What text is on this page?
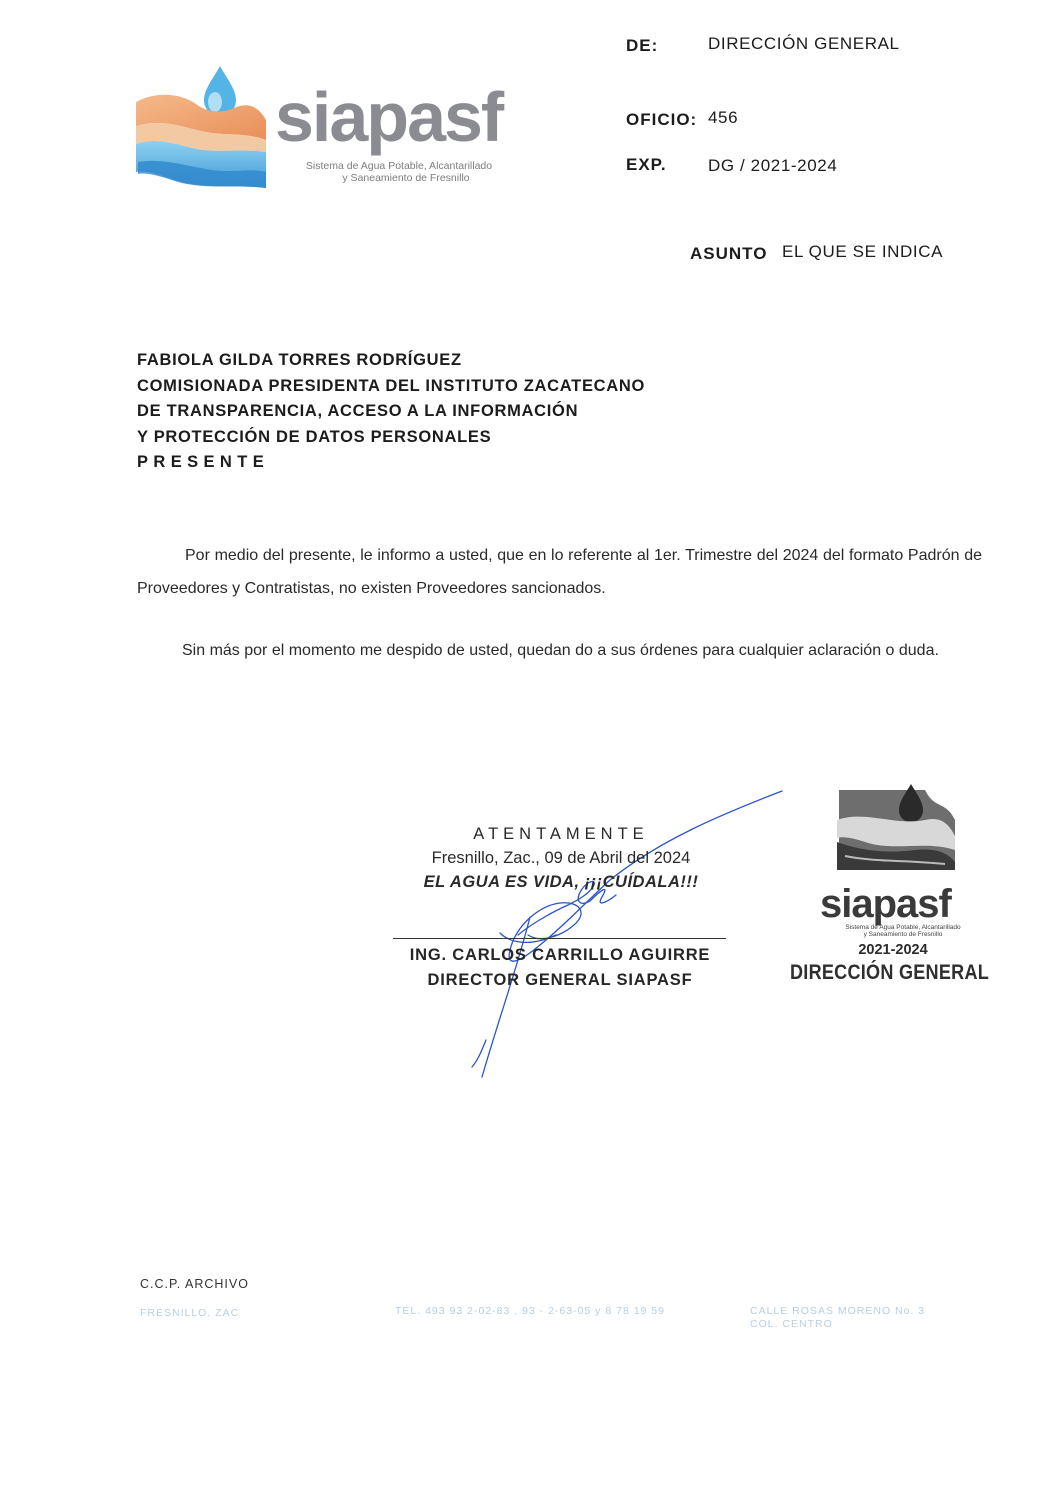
siapasf
Sistema de Agua Potable, Alcantarillado
y Saneamiento de Fresnillo
DE:	DIRECCIÓN GENERAL
OFICIO: 456
EXP. DG / 2021-2024
ASUNTO EL QUE SE INDICA
FABIOLA GILDA TORRES RODRÍGUEZ
COMISIONADA PRESIDENTA DEL INSTITUTO ZACATECANO
DE TRANSPARENCIA, ACCESO A LA INFORMACIÓN
Y PROTECCIÓN DE DATOS PERSONALES
PRESENTE
Por medio del presente, le informo a usted, que en lo referente al 1er. Trimestre del 2024 del formato Padrón de Proveedores y Contratistas, no existen Proveedores sancionados.
Sin más por el momento me despido de usted, quedan do a sus órdenes para cualquier aclaración o duda.
ATENTAMENTE
Fresnillo, Zac., 09 de Abril del 2024
EL AGUA ES VIDA, ¡¡¡CUÍDALA!!!
ING. CARLOS CARRILLO AGUIRRE
DIRECTOR GENERAL SIAPASF
siapasf
Sistema de Agua Potable, Alcantarillado
y Saneamiento de Fresnillo
2021-2024
DIRECCIÓN GENERAL
C.C.P. ARCHIVO
FRESNILLO, ZAC	TEL. 493 93 2-02-83 , 93 - 2-63-05 y 8 78 19 59	CALLE ROSAS MORENO No. 3
COL. CENTRO
